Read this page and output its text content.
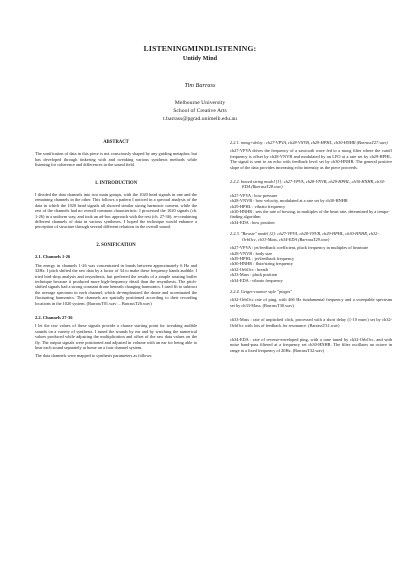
LISTENINGMINDLISTENING:
Untidy Mind
Tim Barrass
Melbourne University
School of Creative Arts
t.barrass@pgrad.unimelb.edu.au
ABSTRACT

The sonification of data in this piece is not consciously shaped by any guiding metaphor, but has developed through tinkering with and tweaking various synthesis methods while listening for coherence and differences in the sound field.

1. INTRODUCTION

I divided the data channels into two main groups, with the 1020 head signals in one and the remaining channels in the other. This follows a pattern I noticed in a spectral analysis of the data in which the 1020 head signals all showed similar strong harmonic content, while the rest of the channels had no overall common characteristic. I processed the 1020 signals (ch. 1-26) in a uniform way, and took an ad-hoc approach with the rest (ch. 27-36), re-combining different channels of data in various syntheses. I hoped the technique would enhance a perception of structure through several different relations in the overall sound.

2. SONIFICATION
2.1. Channels 1-26

The energy in channels 1-26 was concentrated in bands between approximately 6 Hz and 32Hz. I pitch shifted the raw data by a factor of 34 to make these frequency bands audible. I tried bird-drop analysis and resynthesis, but preferred the results of a simple rotating buffer technique because it produced more high-frequency detail than the resynthesis. The pitch-shifted signals had a strong constant drone beneath changing harmonics. I used fft to subtract the average spectrum in each channel, which de-emphasised the drone and accentuated the fluctuating harmonics. The channels are spatially positioned according to their recording locations in the 1020 system. (BarrassT01.wav ... BarrassT26.wav)

2.2. Channels 27-36

I let the raw values of these signals provide a chance starting point for tweaking audible sounds on a variety of synthesis. I tuned the sounds by ear and by watching the numerical values produced while adjusting the multiplication and offset of the raw data values on the fly. The output signals were positioned and adjusted in volume with an ear for being able to hear each sound separately at home on a four channel system.

The data channels were mapped to synthesis parameters as follows:

2.2.1. moog+delay : ch27-VPVA, ch28-VNVB, ch29-HPHL, ch30-HNHR (BarrassT27.wav)

ch27-VPVA drives the frequency of a sawtooth wave fed to a moog filter where the cutoff frequency is offset by ch28-VNVB and modulated by an LFO at a rate set by ch29-HPHL. The signal is sent to an echo with feedback level set by ch30-HNHR. The general positive slope of the data provides increasing echo intensity as the piece proceeds.

2.2.2. bowed string model [1]: ch27-VPVA, ch28-VNVB, ch29-HPHL, ch30-HNHR, ch34-EDA (BarrassT28.wav)
ch27-VPVA : bow pressure
ch28-VNVB : bow velocity, modulated at a rate set by ch30-HNHR
ch29-HPHL : vibrato frequency
ch30-HNHR : sets the rate of bowing, in multiples of the heart rate, determined by a tempo-finding algorithm
ch34-EDA : bow position
2.2.3. "Bowsie" model [2]: ch27-VPVA, ch28-VNVB, ch29-HPHL, ch30-HNHR, ch32-OrbOcc, ch33-Mass, ch34-EDA (BarrassT29.wav)
ch27-VPVA : jet/feedback coefficient, pluck frequency in multiples of heartrate
ch28-VNVB : body size
ch29-HPHL : jet/feedback frequency
ch30-HNHR : flute/string frequency
ch32-OrbOcc : breath
ch33-Mass : pluck position
ch34-EDA : vibrato frequency
2.2.4. Geiger-counter style "pinges"

ch32-OrbOcc rate of ping, with 466 Hz fundamental frequency and a sweepable spectrum set by ch33-Mass. (BarrassT30.wav)

ch33-Mass : rate of unpitched click, processed with a short delay (1-10 msec) set by ch32-OrbOcc with lots of feedback for resonance. (BarrassT31.wav)

ch34-EDA : rate of reverse-enveloped ping, with a tone tuned by ch32-OrbOcc, and with noise band-pass filtered at a frequency set ch30-HNHR. The filter oscillates an octave in range at a fixed frequency of 20Hz. (BarrassT32.wav)
